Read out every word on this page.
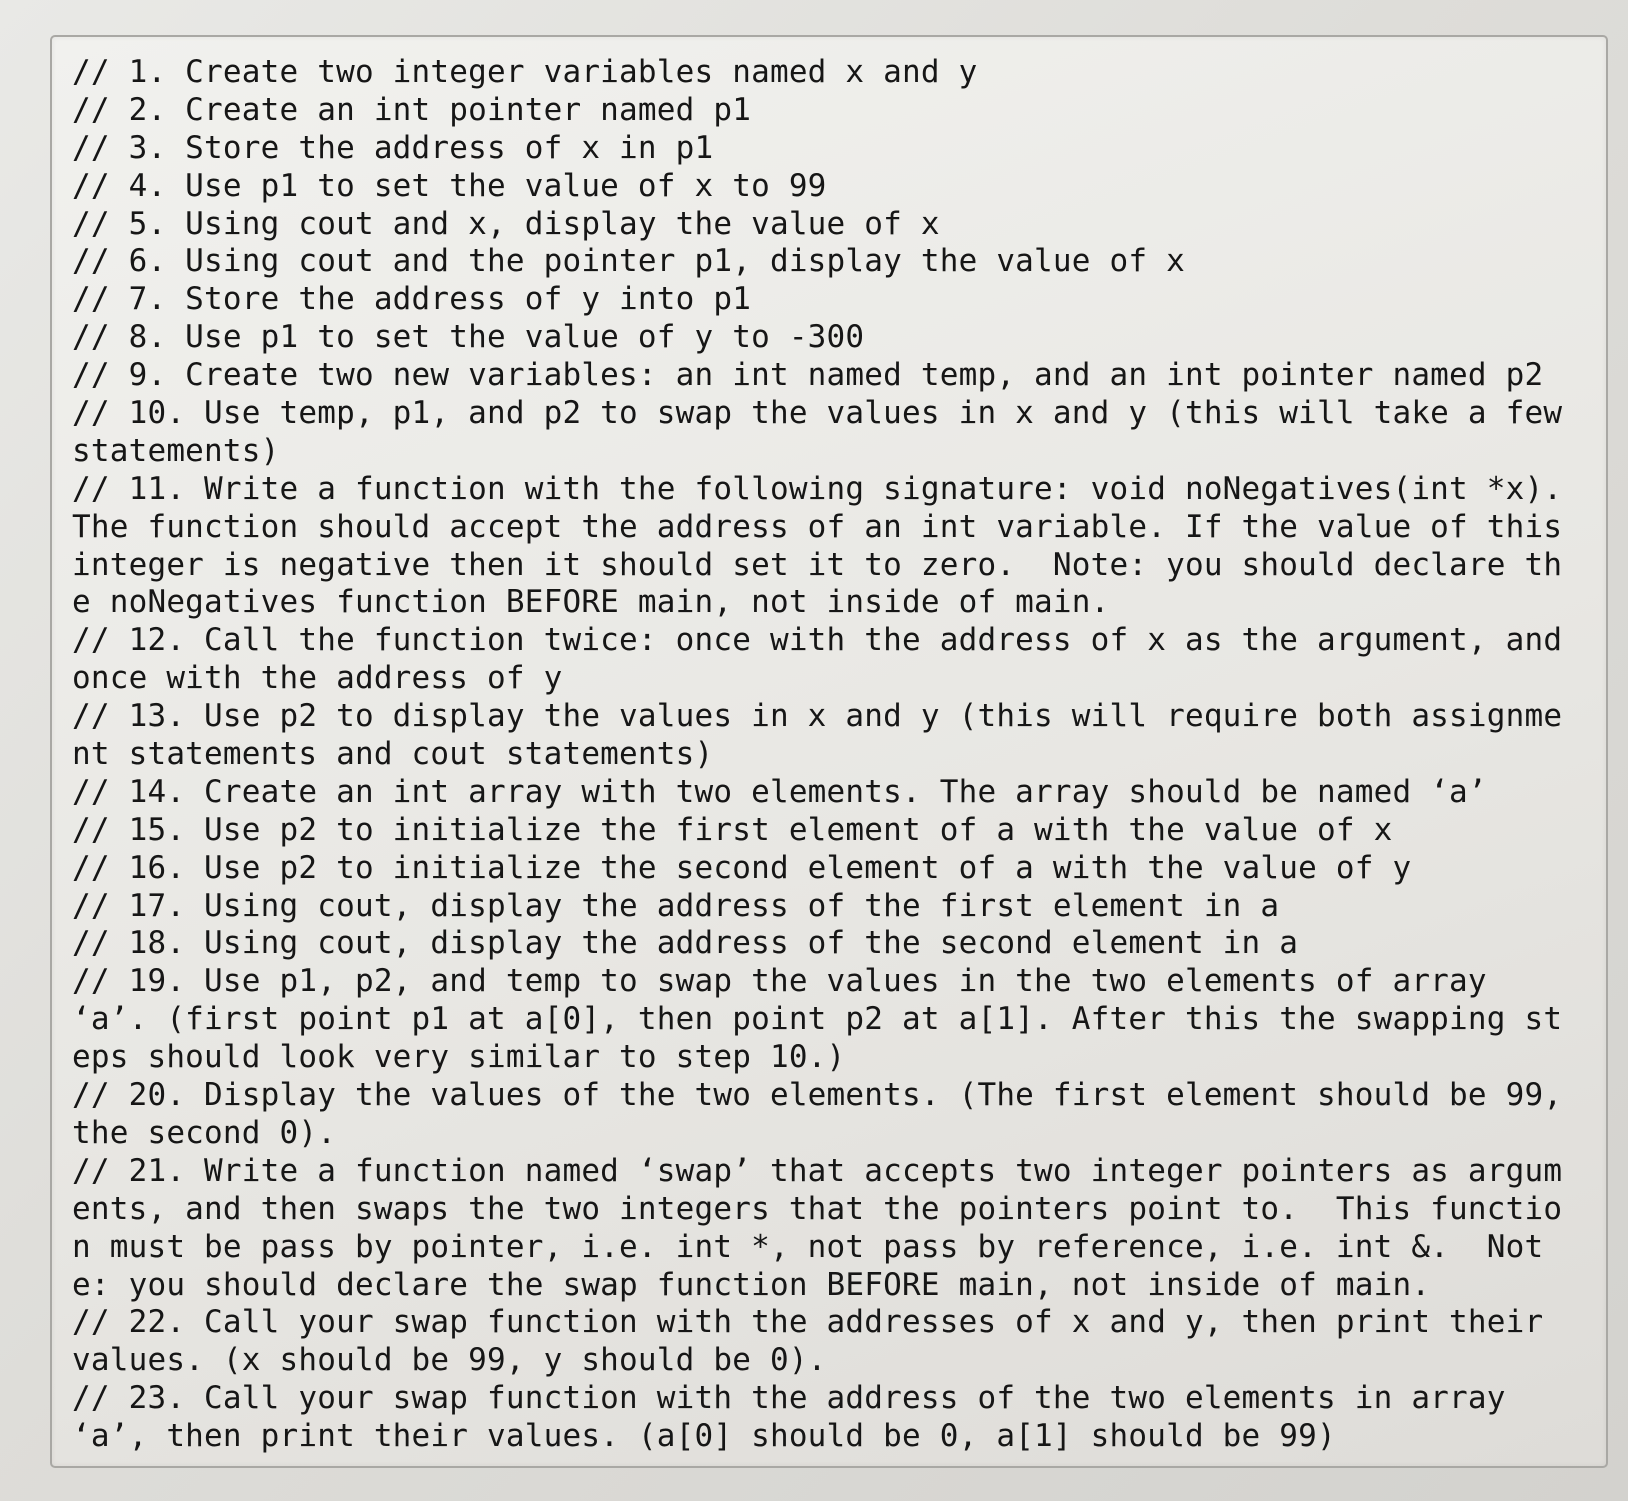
// 1. Create two integer variables named x and y
// 2. Create an int pointer named p1
// 3. Store the address of x in p1
// 4. Use p1 to set the value of x to 99
// 5. Using cout and x, display the value of x
// 6. Using cout and the pointer p1, display the value of x
// 7. Store the address of y into p1
// 8. Use p1 to set the value of y to -300
// 9. Create two new variables: an int named temp, and an int pointer named p2
// 10. Use temp, p1, and p2 to swap the values in x and y (this will take a few
statements)
// 11. Write a function with the following signature: void noNegatives(int *x).
The function should accept the address of an int variable. If the value of this
integer is negative then it should set it to zero.  Note: you should declare th
e noNegatives function BEFORE main, not inside of main.
// 12. Call the function twice: once with the address of x as the argument, and
once with the address of y
// 13. Use p2 to display the values in x and y (this will require both assignme
nt statements and cout statements)
// 14. Create an int array with two elements. The array should be named ‘a’
// 15. Use p2 to initialize the first element of a with the value of x
// 16. Use p2 to initialize the second element of a with the value of y
// 17. Using cout, display the address of the first element in a
// 18. Using cout, display the address of the second element in a
// 19. Use p1, p2, and temp to swap the values in the two elements of array
‘a’. (first point p1 at a[0], then point p2 at a[1]. After this the swapping st
eps should look very similar to step 10.)
// 20. Display the values of the two elements. (The first element should be 99,
the second 0).
// 21. Write a function named ‘swap’ that accepts two integer pointers as argum
ents, and then swaps the two integers that the pointers point to.  This functio
n must be pass by pointer, i.e. int *, not pass by reference, i.e. int &.  Not
e: you should declare the swap function BEFORE main, not inside of main.
// 22. Call your swap function with the addresses of x and y, then print their
values. (x should be 99, y should be 0).
// 23. Call your swap function with the address of the two elements in array
‘a’, then print their values. (a[0] should be 0, a[1] should be 99)
